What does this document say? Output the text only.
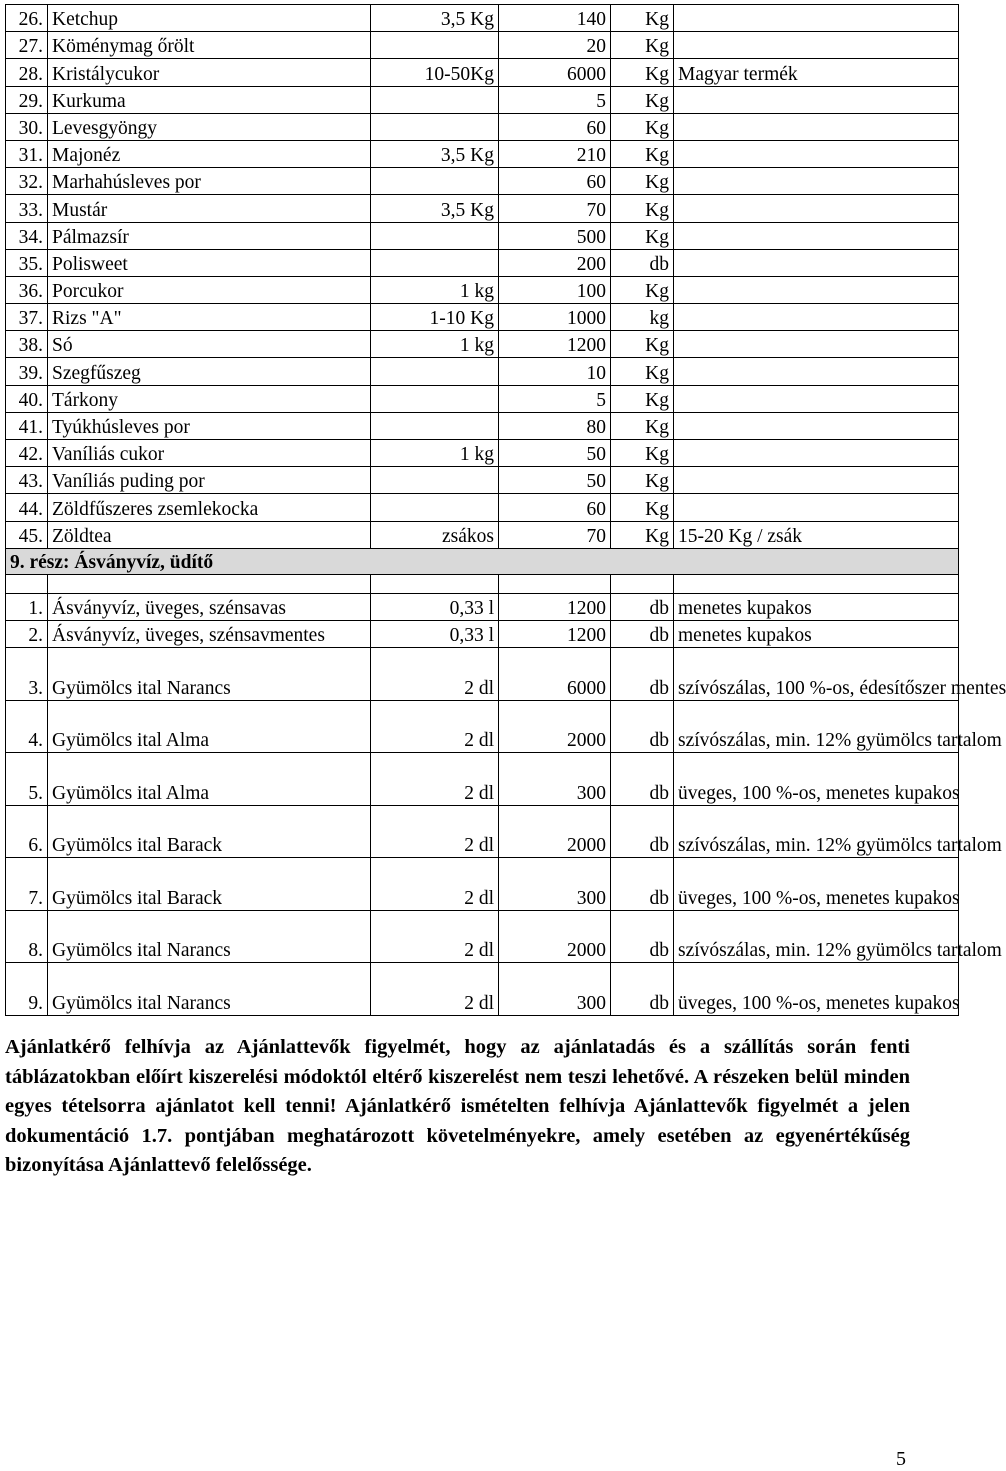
26.	Ketchup	3,5 Kg	140	Kg	
27.	Köménymag őrölt		20	Kg	
28.	Kristálycukor	10-50Kg	6000	Kg	Magyar termék
29.	Kurkuma		5	Kg	
30.	Levesgyöngy		60	Kg	
31.	Majonéz	3,5 Kg	210	Kg	
32.	Marhahúsleves por		60	Kg	
33.	Mustár	3,5 Kg	70	Kg	
34.	Pálmazsír		500	Kg	
35.	Polisweet		200	db	
36.	Porcukor	1 kg	100	Kg	
37.	Rizs "A"	1-10 Kg	1000	kg	
38.	Só	1 kg	1200	Kg	
39.	Szegfűszeg		10	Kg	
40.	Tárkony		5	Kg	
41.	Tyúkhúsleves por		80	Kg	
42.	Vaníliás cukor	1 kg	50	Kg	
43.	Vaníliás puding por		50	Kg	
44.	Zöldfűszeres zsemlekocka		60	Kg	
45.	Zöldtea	zsákos	70	Kg	15-20 Kg / zsák
9. rész: Ásványvíz, üdítő					

1.	Ásványvíz, üveges, szénsavas	0,33 l	1200	db	menetes kupakos
2.	Ásványvíz, üveges, szénsavmentes	0,33 l	1200	db	menetes kupakos
3.	Gyümölcs ital Narancs	2 dl	6000	db	szívószálas, 100 %-os, édesítőszer mentes
4.	Gyümölcs ital Alma	2 dl	2000	db	szívószálas, min. 12% gyümölcs tartalom
5.	Gyümölcs ital Alma	2 dl	300	db	üveges, 100 %-os, menetes kupakos
6.	Gyümölcs ital Barack	2 dl	2000	db	szívószálas, min. 12% gyümölcs tartalom
7.	Gyümölcs ital Barack	2 dl	300	db	üveges, 100 %-os, menetes kupakos
8.	Gyümölcs ital Narancs	2 dl	2000	db	szívószálas, min. 12% gyümölcs tartalom
9.	Gyümölcs ital Narancs	2 dl	300	db	üveges, 100 %-os, menetes kupakos
Ajánlatkérő felhívja az Ajánlattevők figyelmét, hogy az ajánlatadás és a szállítás során fenti táblázatokban előírt kiszerelési módoktól eltérő kiszerelést nem teszi lehetővé. A részeken belül minden egyes tételsorra ajánlatot kell tenni! Ajánlatkérő ismételten felhívja Ajánlattevők figyelmét a jelen dokumentáció 1.7. pontjában meghatározott követelményekre, amely esetében az egyenértékűség bizonyítása Ajánlattevő felelőssége.
5
